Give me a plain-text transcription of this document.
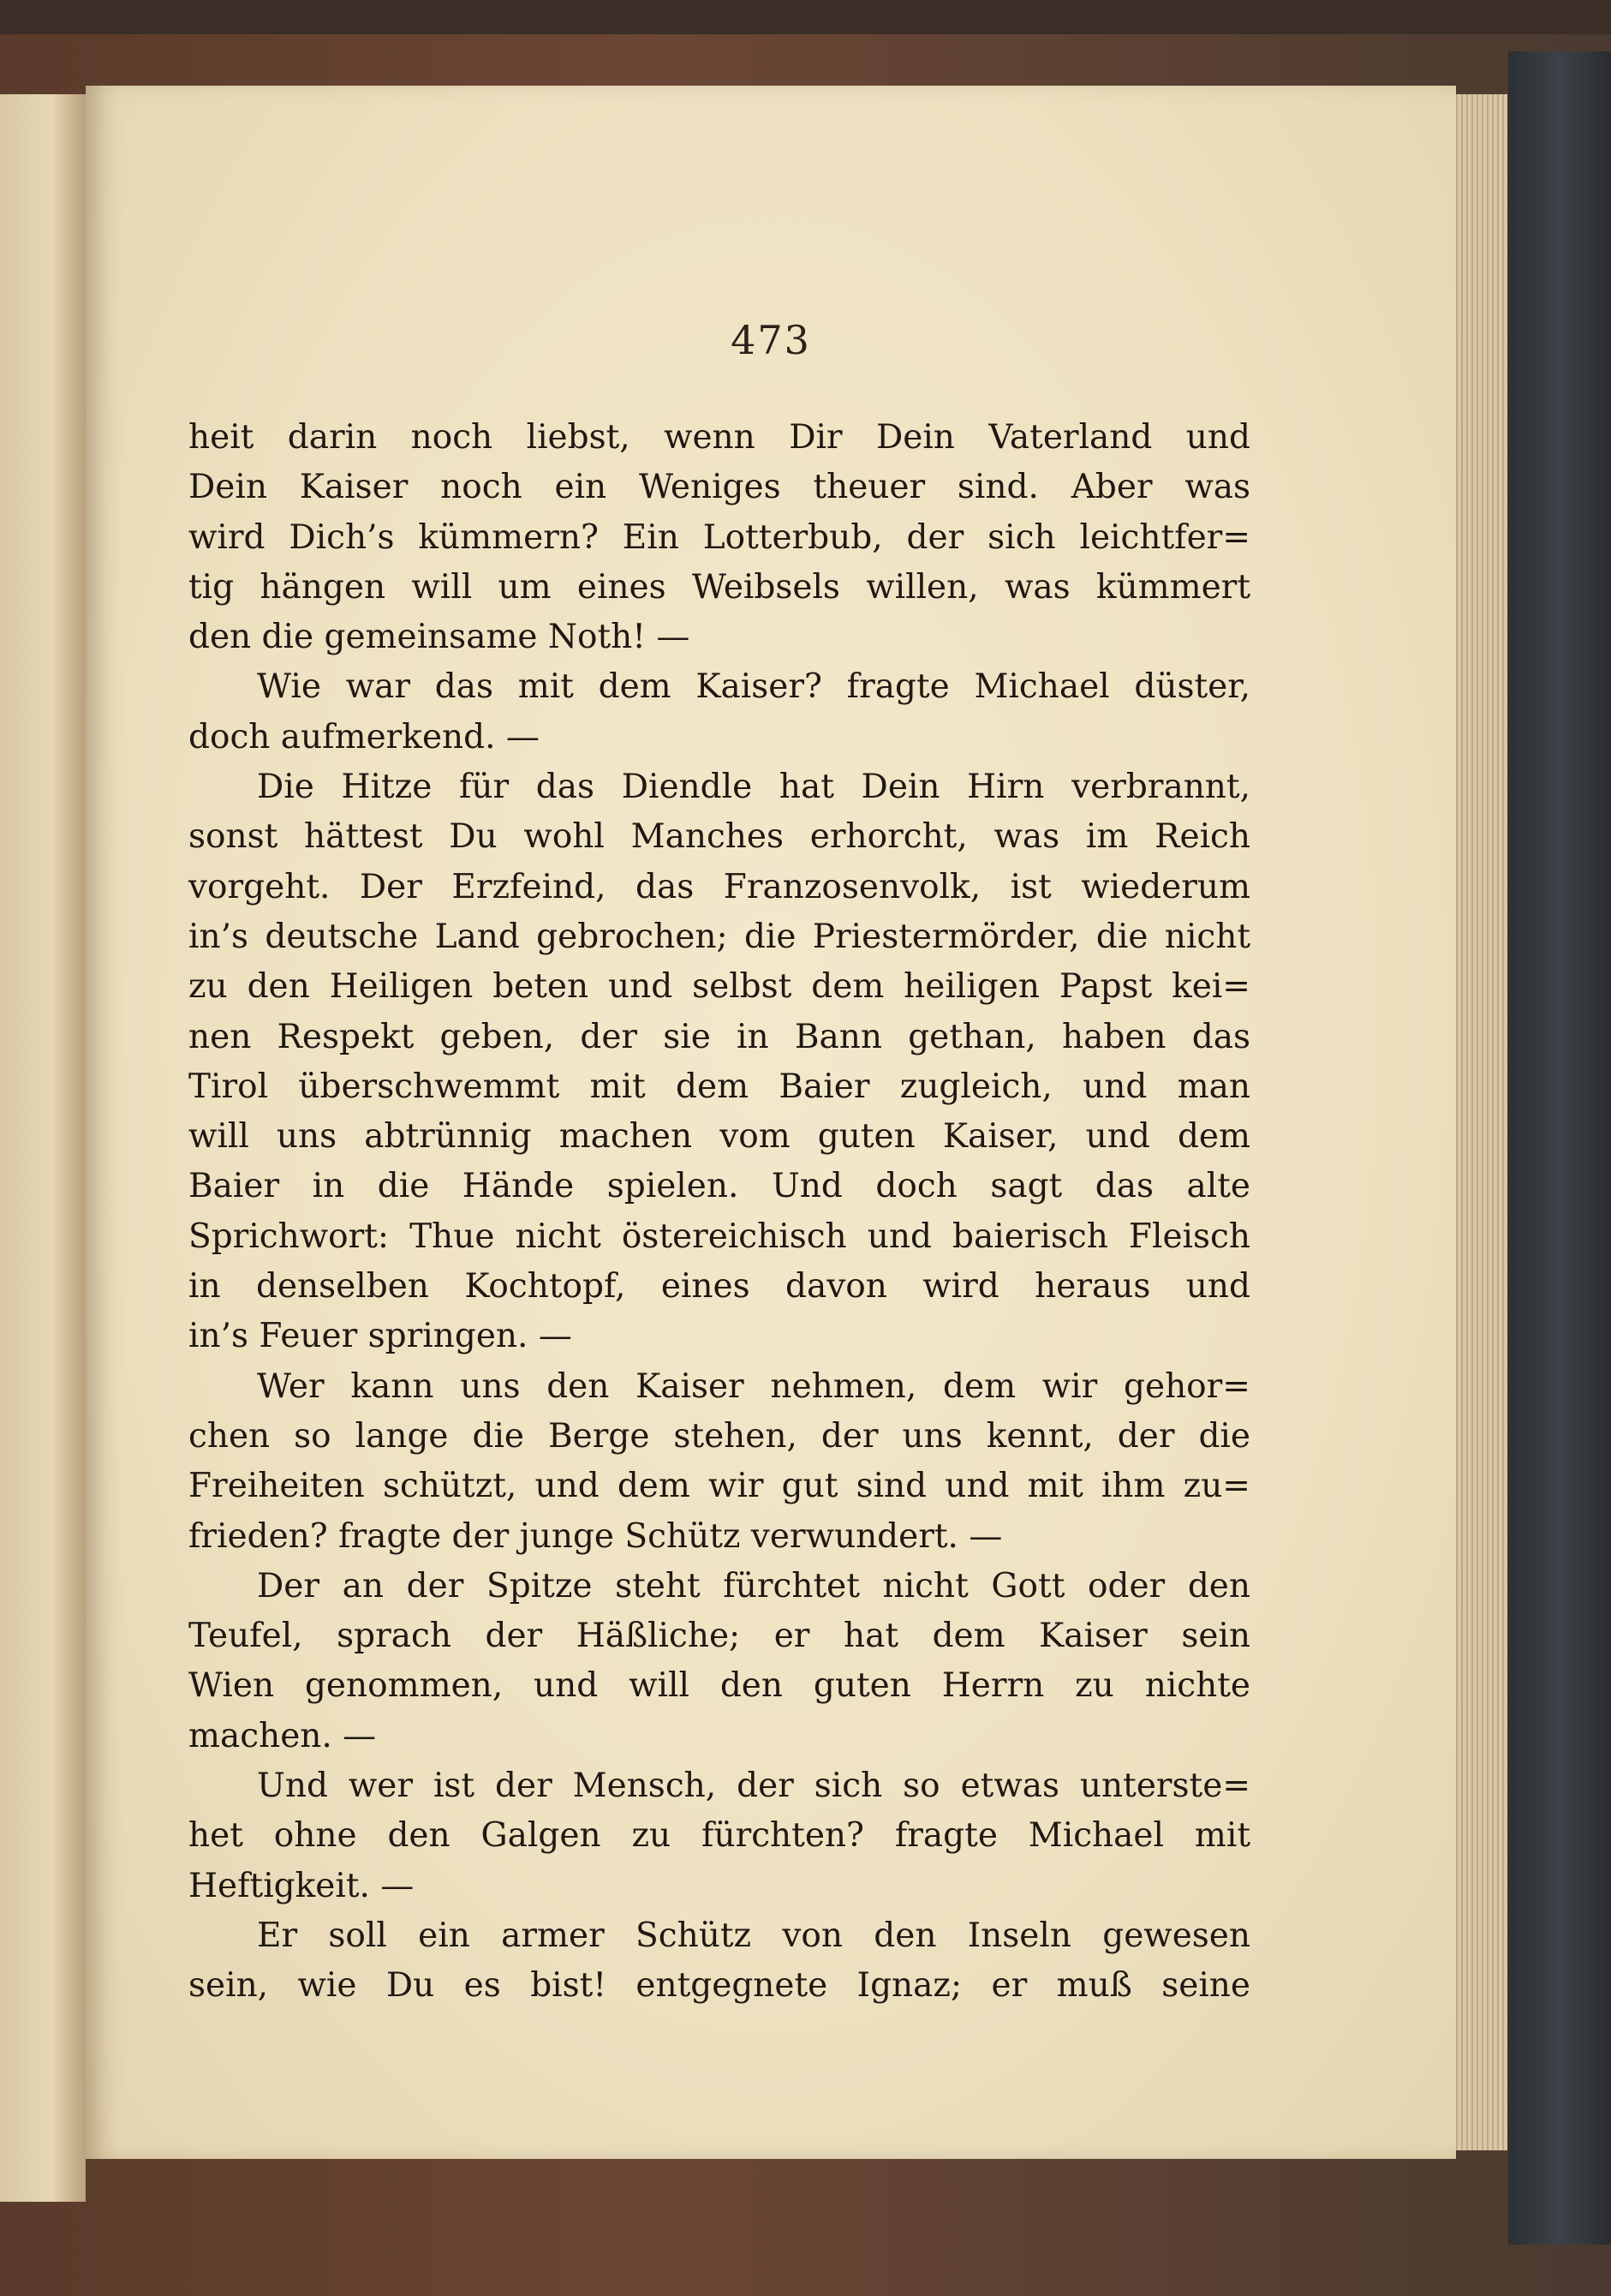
473
heit darin noch liebst, wenn Dir Dein Vaterland und
Dein Kaiser noch ein Weniges theuer sind. Aber was
wird Dich’s kümmern? Ein Lotterbub, der sich leichtfer=
tig hängen will um eines Weibsels willen, was kümmert
den die gemeinsame Noth! —
Wie war das mit dem Kaiser? fragte Michael düster,
doch aufmerkend. —
Die Hitze für das Diendle hat Dein Hirn verbrannt,
sonst hättest Du wohl Manches erhorcht, was im Reich
vorgeht. Der Erzfeind, das Franzosenvolk, ist wiederum
in’s deutsche Land gebrochen; die Priestermörder, die nicht
zu den Heiligen beten und selbst dem heiligen Papst kei=
nen Respekt geben, der sie in Bann gethan, haben das
Tirol überschwemmt mit dem Baier zugleich, und man
will uns abtrünnig machen vom guten Kaiser, und dem
Baier in die Hände spielen. Und doch sagt das alte
Sprichwort: Thue nicht östereichisch und baierisch Fleisch
in denselben Kochtopf, eines davon wird heraus und
in’s Feuer springen. —
Wer kann uns den Kaiser nehmen, dem wir gehor=
chen so lange die Berge stehen, der uns kennt, der die
Freiheiten schützt, und dem wir gut sind und mit ihm zu=
frieden? fragte der junge Schütz verwundert. —
Der an der Spitze steht fürchtet nicht Gott oder den
Teufel, sprach der Häßliche; er hat dem Kaiser sein
Wien genommen, und will den guten Herrn zu nichte
machen. —
Und wer ist der Mensch, der sich so etwas unterste=
het ohne den Galgen zu fürchten? fragte Michael mit
Heftigkeit. —
Er soll ein armer Schütz von den Inseln gewesen
sein, wie Du es bist! entgegnete Ignaz; er muß seine
